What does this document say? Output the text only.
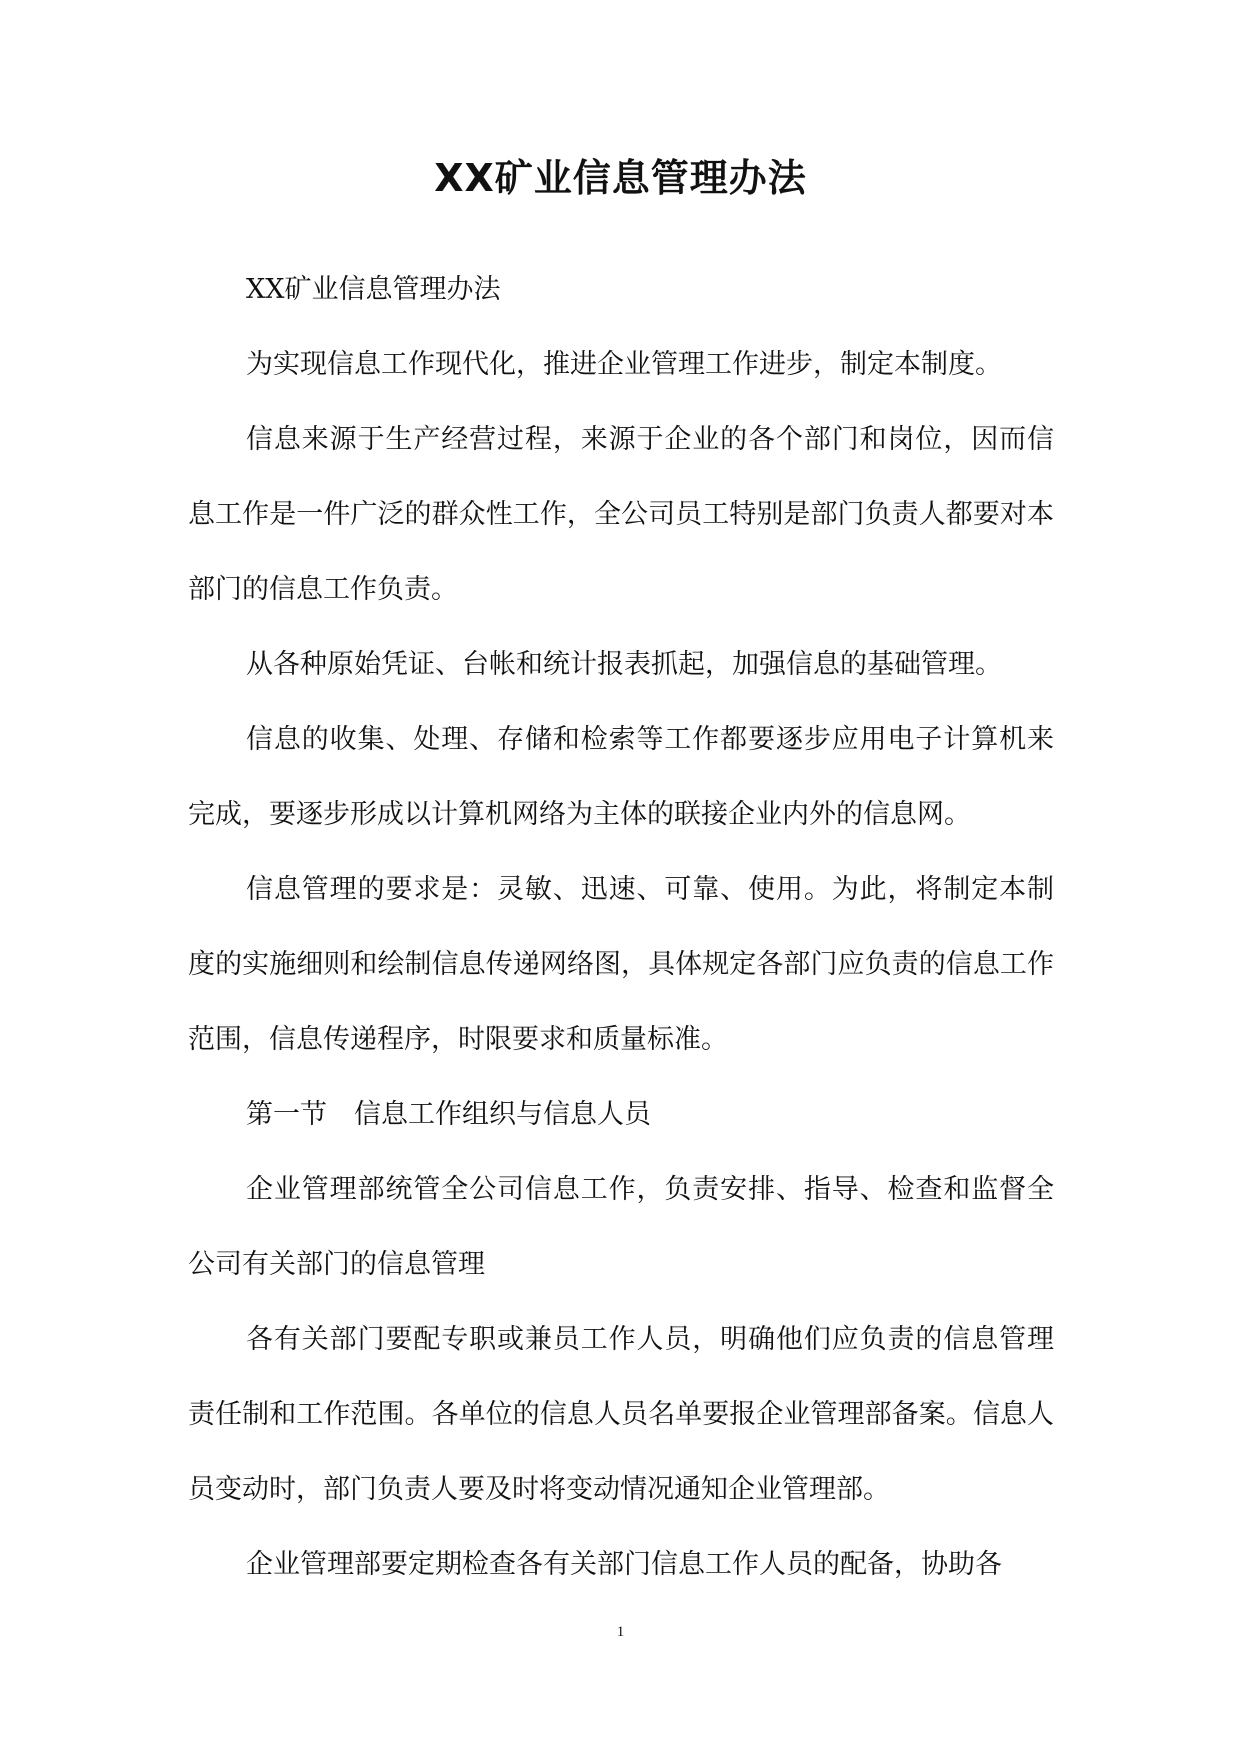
XX矿业信息管理办法

XX矿业信息管理办法

为实现信息工作现代化，推进企业管理工作进步，制定本制度。

信息来源于生产经营过程，来源于企业的各个部门和岗位，因而信息工作是一件广泛的群众性工作，全公司员工特别是部门负责人都要对本部门的信息工作负责。

从各种原始凭证、台帐和统计报表抓起，加强信息的基础管理。

信息的收集、处理、存储和检索等工作都要逐步应用电子计算机来完成，要逐步形成以计算机网络为主体的联接企业内外的信息网。

信息管理的要求是：灵敏、迅速、可靠、使用。为此，将制定本制度的实施细则和绘制信息传递网络图，具体规定各部门应负责的信息工作范围，信息传递程序，时限要求和质量标准。

第一节　信息工作组织与信息人员

企业管理部统管全公司信息工作，负责安排、指导、检查和监督全公司有关部门的信息管理

各有关部门要配专职或兼员工作人员，明确他们应负责的信息管理责任制和工作范围。各单位的信息人员名单要报企业管理部备案。信息人员变动时，部门负责人要及时将变动情况通知企业管理部。

企业管理部要定期检查各有关部门信息工作人员的配备，协助各

1
